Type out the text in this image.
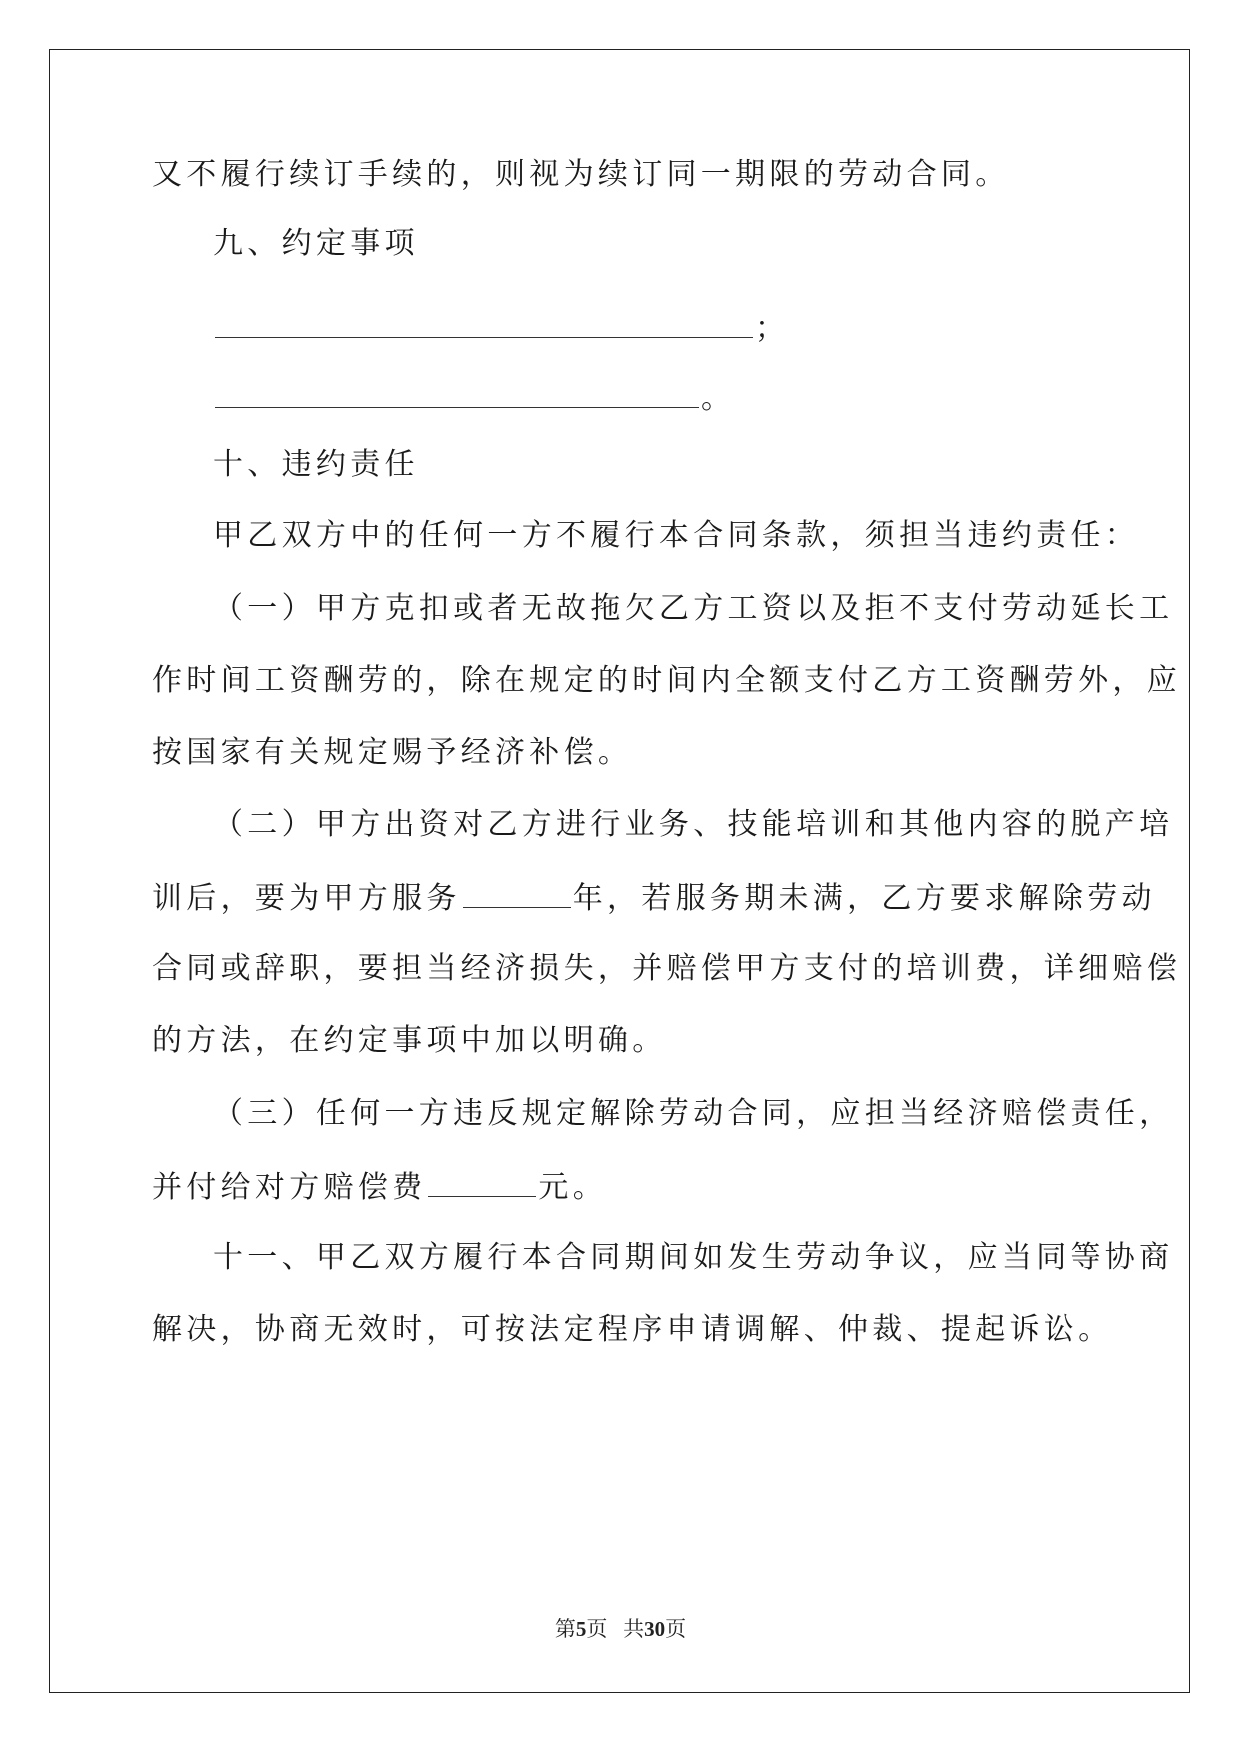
又不履行续订手续的，则视为续订同一期限的劳动合同。
九、约定事项
；
。
十、违约责任
甲乙双方中的任何一方不履行本合同条款，须担当违约责任：
（一）甲方克扣或者无故拖欠乙方工资以及拒不支付劳动延长工
作时间工资酬劳的，除在规定的时间内全额支付乙方工资酬劳外，应
按国家有关规定赐予经济补偿。
（二）甲方出资对乙方进行业务、技能培训和其他内容的脱产培
训后，要为甲方服务	年，若服务期未满，乙方要求解除劳动
合同或辞职，要担当经济损失，并赔偿甲方支付的培训费，详细赔偿
的方法，在约定事项中加以明确。
（三）任何一方违反规定解除劳动合同，应担当经济赔偿责任，
并付给对方赔偿费	元。
十一、甲乙双方履行本合同期间如发生劳动争议，应当同等协商
解决，协商无效时，可按法定程序申请调解、仲裁、提起诉讼。
第5页   共30页
